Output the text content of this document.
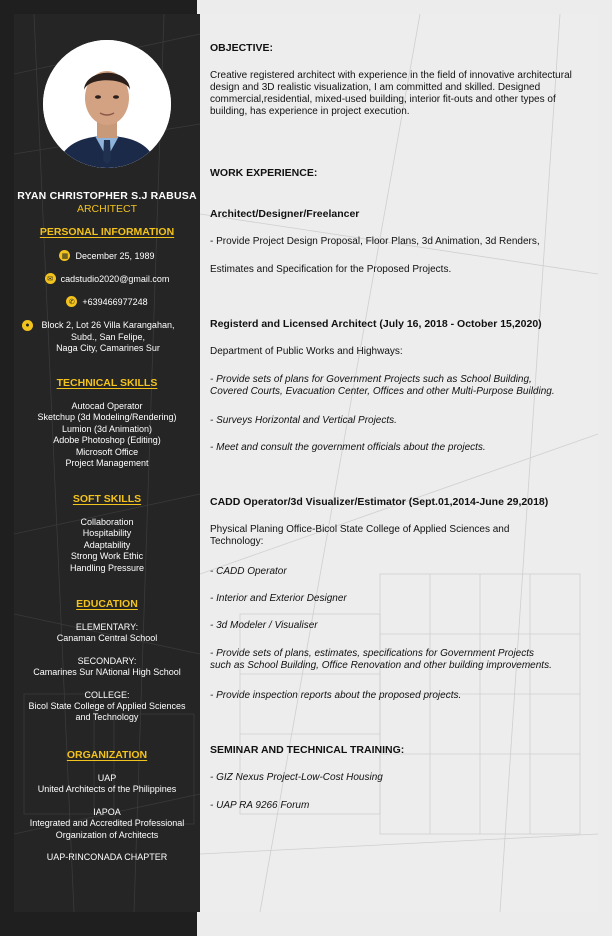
RYAN CHRISTOPHER S.J RABUSA
ARCHITECT
PERSONAL INFORMATION
▦ December 25, 1989
✉ cadstudio2020@gmail.com
✆ +639466977248
●	Block 2, Lot 26 Villa Karangahan,
Subd., San Felipe,
Naga City, Camarines Sur
TECHNICAL SKILLS
Autocad Operator
Sketchup (3d Modeling/Rendering)
Lumion (3d Animation)
Adobe Photoshop (Editing)
Microsoft Office
Project Management
SOFT SKILLS
Collaboration
Hospitability
Adaptability
Strong Work Ethic
Handling Pressure
EDUCATION
ELEMENTARY:
Canaman Central School
SECONDARY:
Camarines Sur NAtional High School
COLLEGE:
Bicol State College of Applied Sciences
and Technology
ORGANIZATION
UAP
United Architects of the Philippines
IAPOA
Integrated and Accredited Professional
Organization of Architects
UAP-RINCONADA CHAPTER
OBJECTIVE:
Creative registered architect with experience in the field of innovative architectural
design and 3D realistic visualization, I am committed and skilled. Designed
commercial,residential, mixed-used building, interior fit-outs and other types of
building, has experience in project execution.
WORK EXPERIENCE:
Architect/Designer/Freelancer
- Provide Project Design Proposal, Floor Plans, 3d Animation, 3d Renders,
Estimates and Specification for the Proposed Projects.
Registerd and Licensed Architect (July 16, 2018 - October 15,2020)
Department of Public Works and Highways:
- Provide sets of plans for Government Projects such as School Building,
Covered Courts, Evacuation Center, Offices and other Multi-Purpose Building.
- Surveys Horizontal and Vertical Projects.
- Meet and consult the government officials about the projects.
CADD Operator/3d Visualizer/Estimator (Sept.01,2014-June 29,2018)
Physical Planing Office-Bicol State College of Applied Sciences and
Technology:
- CADD Operator
- Interior and Exterior Designer
- 3d Modeler / Visualiser
- Provide sets of plans, estimates, specifications for Government Projects
such as School Building, Office Renovation and other building improvements.
- Provide inspection reports about the proposed projects.
SEMINAR AND TECHNICAL TRAINING:
- GIZ Nexus Project-Low-Cost Housing
- UAP RA 9266 Forum
